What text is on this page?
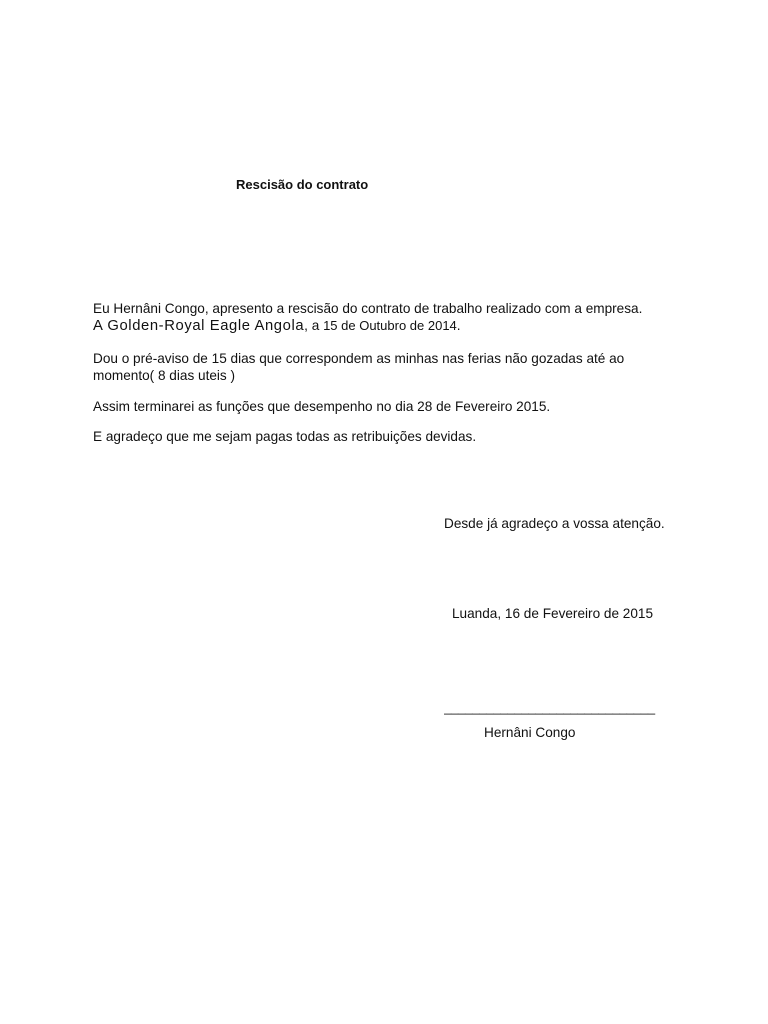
Rescisão do contrato
Eu Hernâni Congo, apresento a rescisão do contrato de trabalho realizado com a empresa.
A Golden-Royal Eagle Angola, a 15 de Outubro de 2014.
Dou o pré-aviso de 15 dias que correspondem as minhas nas ferias não gozadas até ao momento( 8 dias uteis )
Assim terminarei as funções que desempenho no dia 28 de Fevereiro 2015.
E agradeço que me sejam pagas todas as retribuições devidas.
Desde já agradeço a vossa atenção.
Luanda, 16 de Fevereiro de 2015
______________________________
Hernâni Congo
